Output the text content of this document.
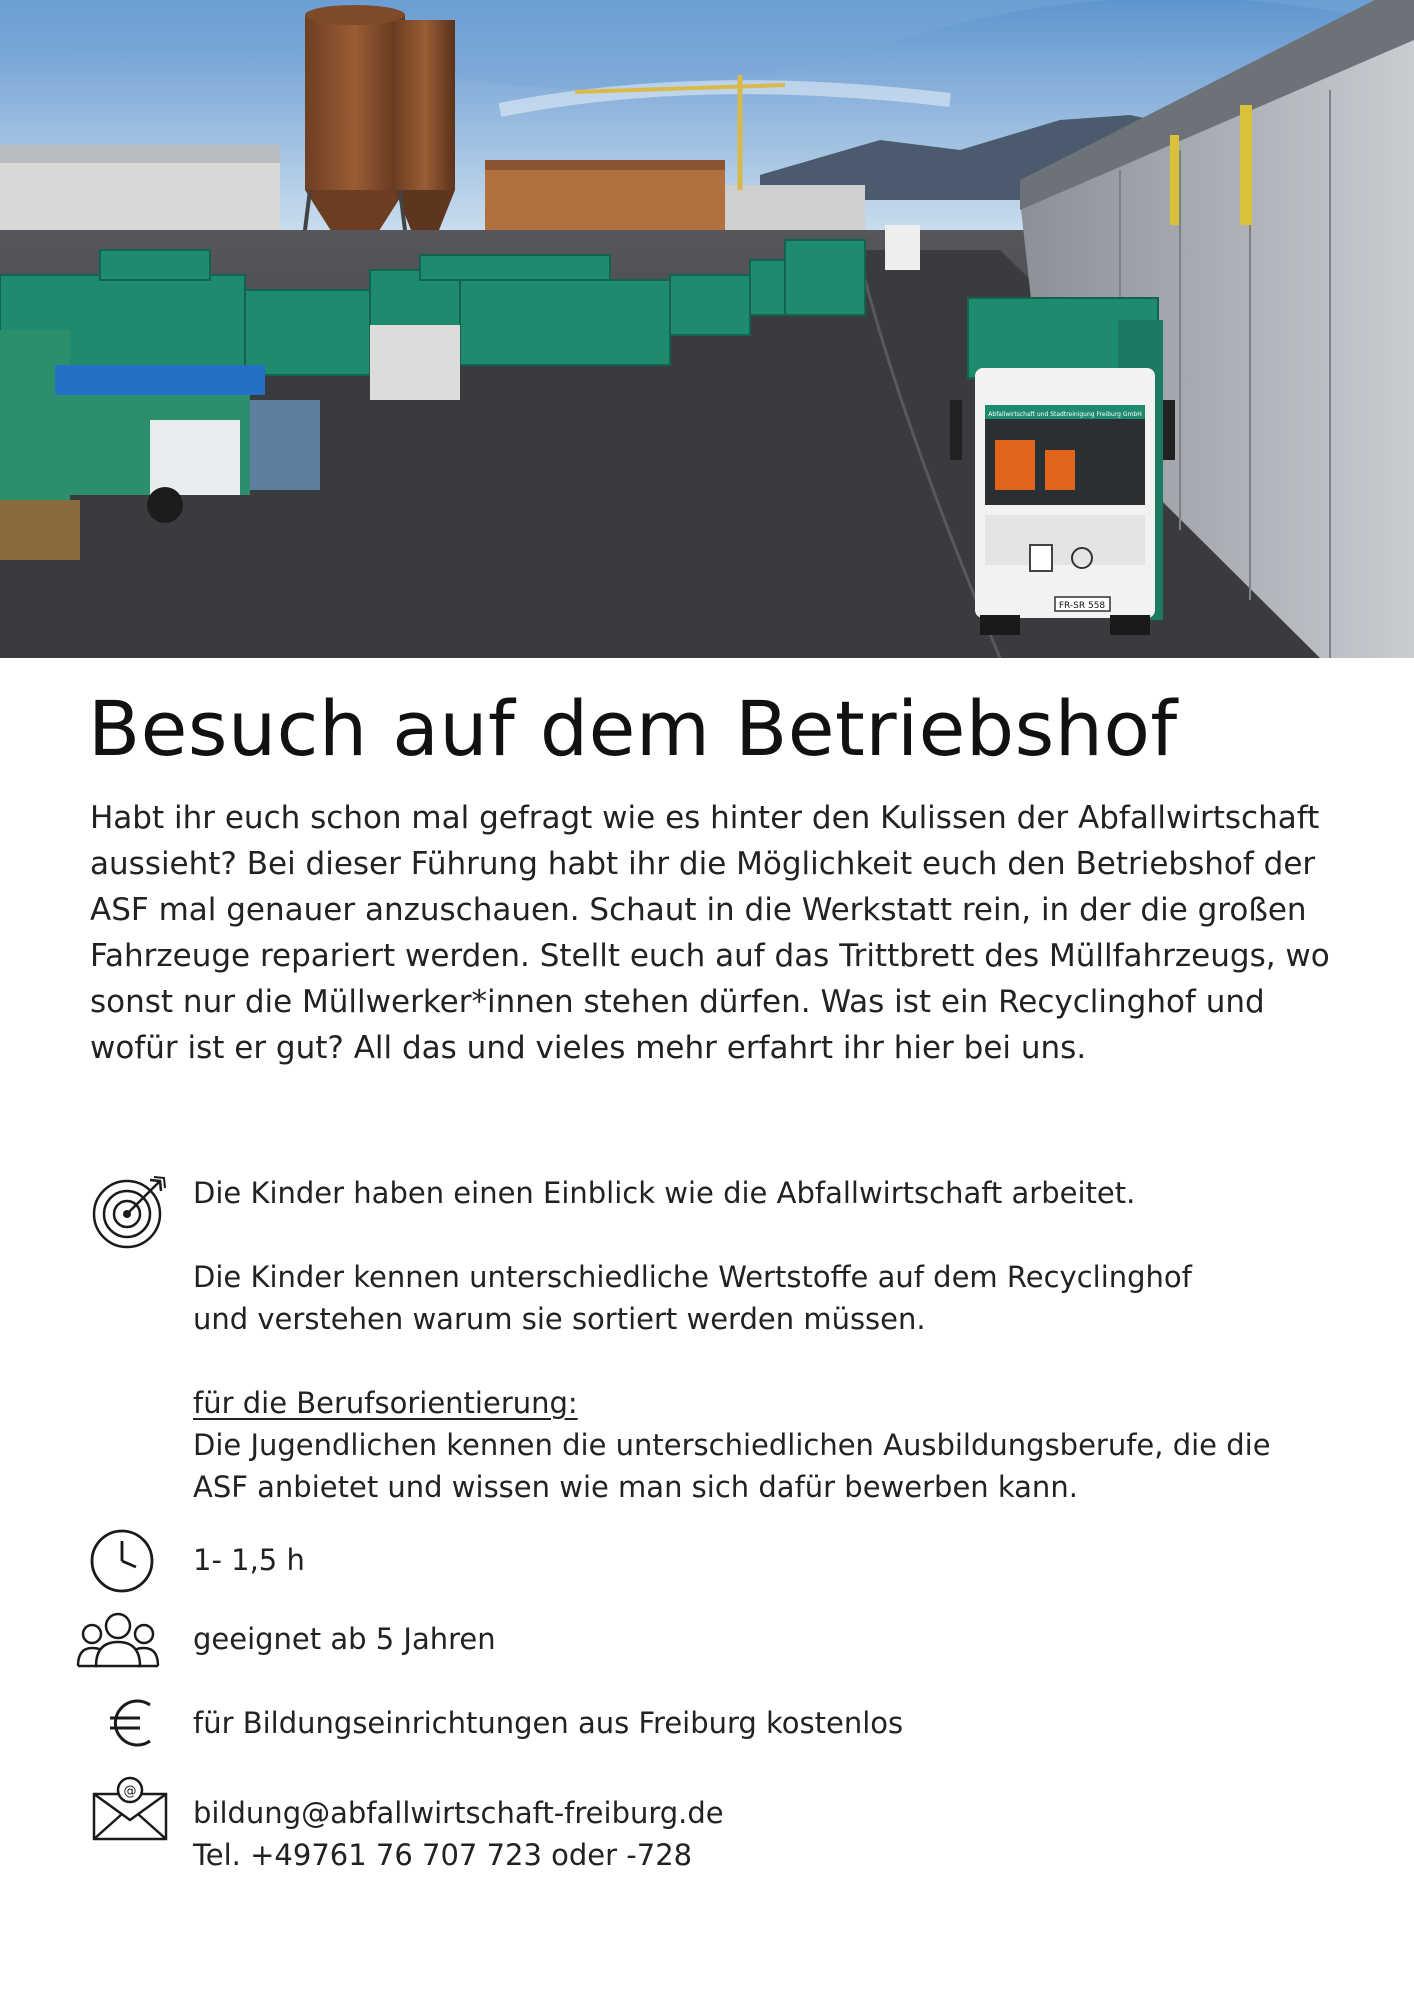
Abfallwirtschaft und Stadtreinigung Freiburg GmbH
FR-SR 558
Besuch auf dem Betriebshof

Habt ihr euch schon mal gefragt wie es hinter den Kulissen der Abfallwirtschaft aussieht? Bei dieser Führung habt ihr die Möglichkeit euch den Betriebshof der ASF mal genauer anzuschauen. Schaut in die Werkstatt rein, in der die großen Fahrzeuge repariert werden. Stellt euch auf das Trittbrett des Müllfahrzeugs, wo sonst nur die Müllwerker*innen stehen dürfen. Was ist ein Recyclinghof und wofür ist er gut? All das und vieles mehr erfahrt ihr hier bei uns.

Die Kinder haben einen Einblick wie die Abfallwirtschaft arbeitet.

Die Kinder kennen unterschiedliche Wertstoffe auf dem Recyclinghof und verstehen warum sie sortiert werden müssen.

für die Berufsorientierung:

Die Jugendlichen kennen die unterschiedlichen Ausbildungsberufe, die die ASF anbietet und wissen wie man sich dafür bewerben kann.

1- 1,5 h
geeignet ab 5 Jahren
für Bildungseinrichtungen aus Freiburg kostenlos
@

bildung@abfallwirtschaft-freiburg.de

Tel. +49761 76 707 723 oder -728
